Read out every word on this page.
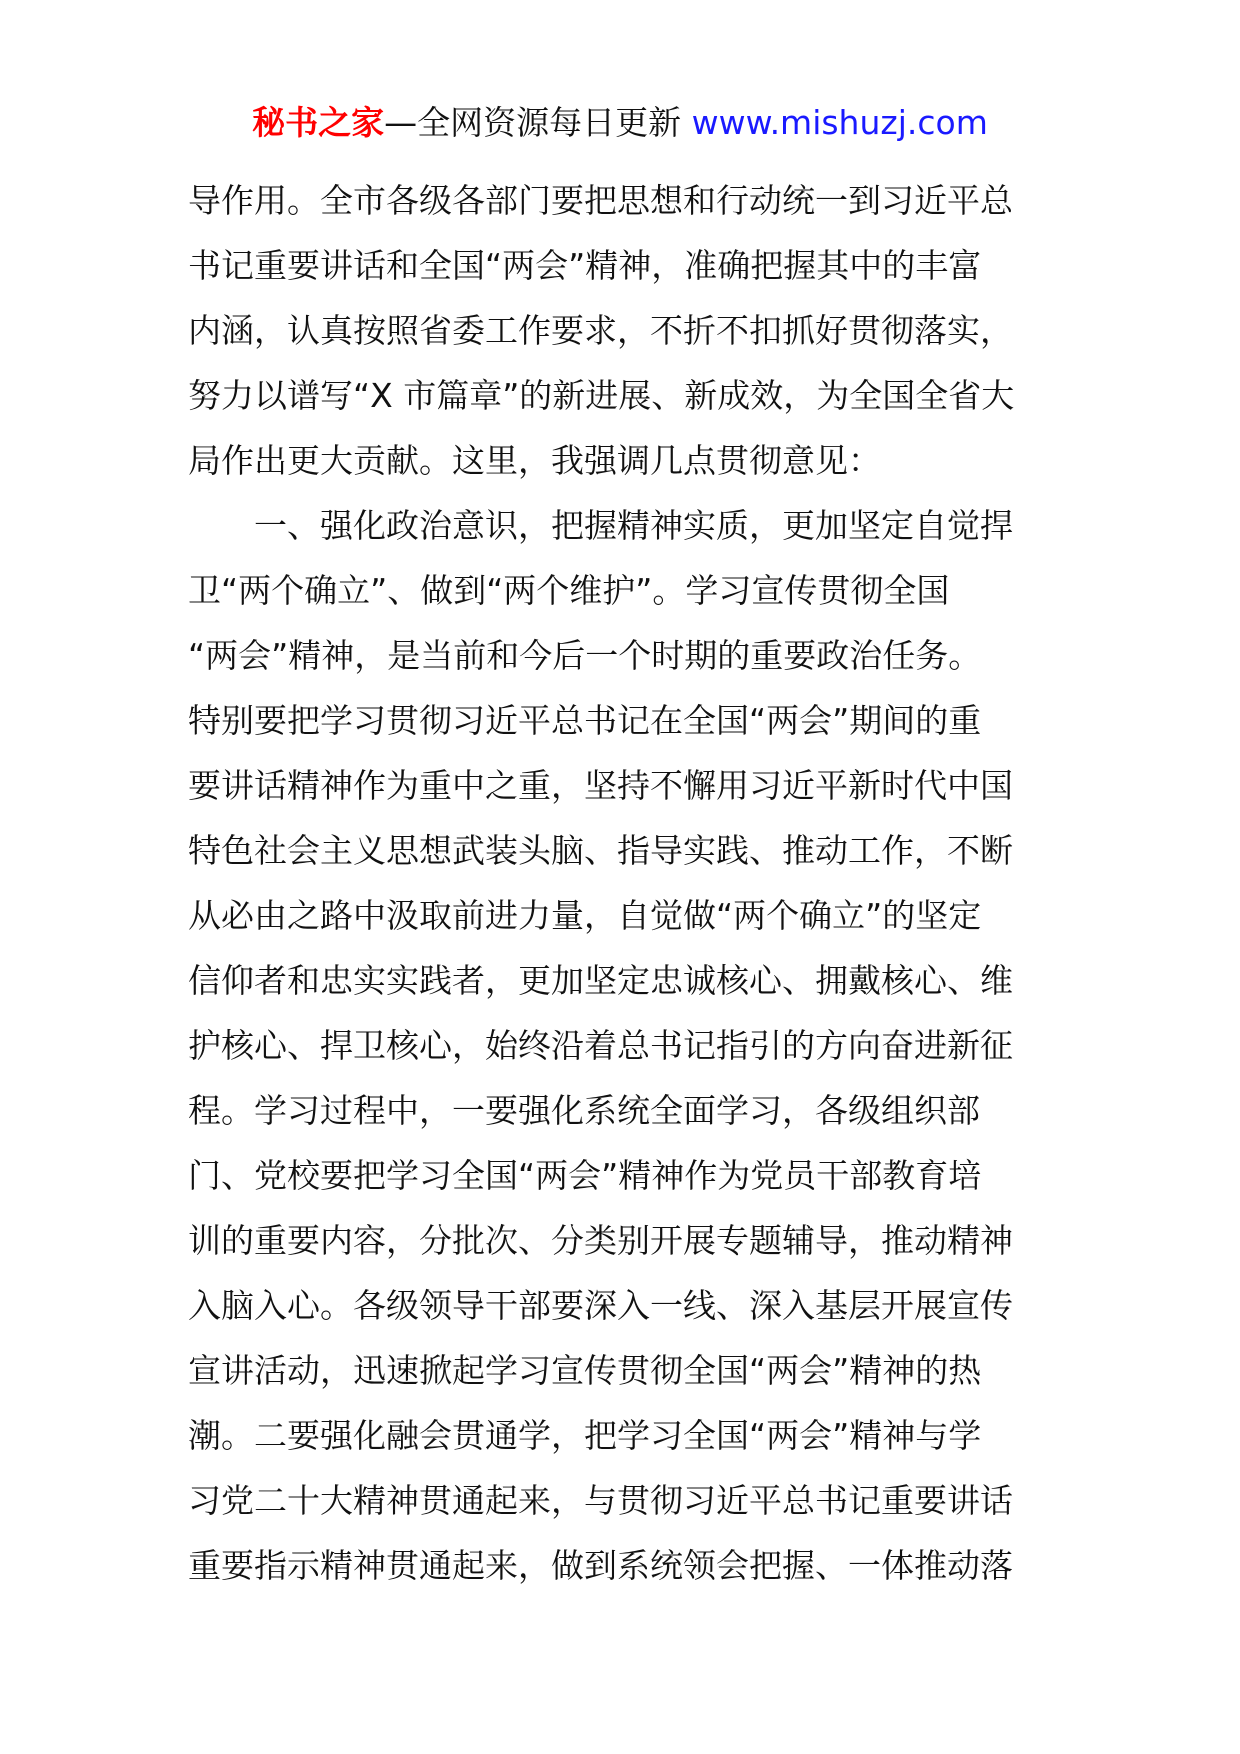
秘书之家—全网资源每日更新 www.mishuzj.com
导作用。全市各级各部门要把思想和行动统一到习近平总
书记重要讲话和全国“两会”精神，准确把握其中的丰富
内涵，认真按照省委工作要求，不折不扣抓好贯彻落实，
努力以谱写“X 市篇章”的新进展、新成效，为全国全省大
局作出更大贡献。这里，我强调几点贯彻意见：
一、强化政治意识，把握精神实质，更加坚定自觉捍
卫“两个确立”、做到“两个维护”。学习宣传贯彻全国
“两会”精神，是当前和今后一个时期的重要政治任务。
特别要把学习贯彻习近平总书记在全国“两会”期间的重
要讲话精神作为重中之重，坚持不懈用习近平新时代中国
特色社会主义思想武装头脑、指导实践、推动工作，不断
从必由之路中汲取前进力量，自觉做“两个确立”的坚定
信仰者和忠实实践者，更加坚定忠诚核心、拥戴核心、维
护核心、捍卫核心，始终沿着总书记指引的方向奋进新征
程。学习过程中，一要强化系统全面学习，各级组织部
门、党校要把学习全国“两会”精神作为党员干部教育培
训的重要内容，分批次、分类别开展专题辅导，推动精神
入脑入心。各级领导干部要深入一线、深入基层开展宣传
宣讲活动，迅速掀起学习宣传贯彻全国“两会”精神的热
潮。二要强化融会贯通学，把学习全国“两会”精神与学
习党二十大精神贯通起来，与贯彻习近平总书记重要讲话
重要指示精神贯通起来，做到系统领会把握、一体推动落
